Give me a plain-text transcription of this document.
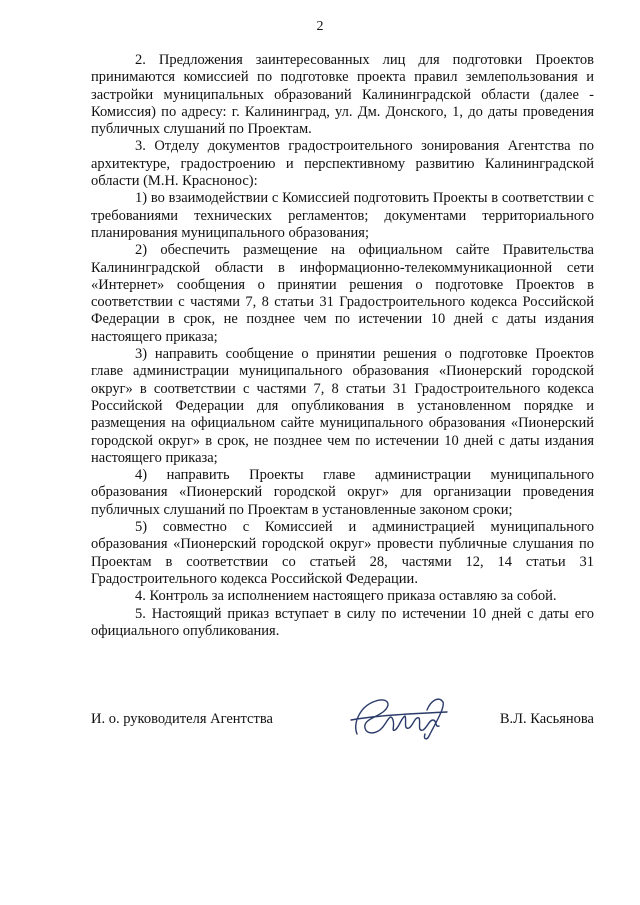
2

2. Предложения заинтересованных лиц для подготовки Проектов принимаются комиссией по подготовке проекта правил землепользования и застройки муниципальных образований Калининградской области (далее - Комиссия) по адресу: г. Калининград, ул. Дм. Донского, 1, до даты проведения публичных слушаний по Проектам.

3. Отделу документов градостроительного зонирования Агентства по архитектуре, градостроению и перспективному развитию Калининградской области (М.Н. Краснонос):

1) во взаимодействии с Комиссией подготовить Проекты в соответствии с требованиями технических регламентов; документами территориального планирования муниципального образования;

2) обеспечить размещение на официальном сайте Правительства Калининградской области в информационно-телекоммуникационной сети «Интернет» сообщения о принятии решения о подготовке Проектов в соответствии с частями 7, 8 статьи 31 Градостроительного кодекса Российской Федерации в срок, не позднее чем по истечении 10 дней с даты издания настоящего приказа;

3) направить сообщение о принятии решения о подготовке Проектов главе администрации муниципального образования «Пионерский городской округ» в соответствии с частями 7, 8 статьи 31 Градостроительного кодекса Российской Федерации для опубликования в установленном порядке и размещения на официальном сайте муниципального образования «Пионерский городской округ» в срок, не позднее чем по истечении 10 дней с даты издания настоящего приказа;

4) направить Проекты главе администрации муниципального образования «Пионерский городской округ» для организации проведения публичных слушаний по Проектам в установленные законом сроки;

5) совместно с Комиссией и администрацией муниципального образования «Пионерский городской округ» провести публичные слушания по Проектам в соответствии со статьей 28, частями 12, 14 статьи 31 Градостроительного кодекса Российской Федерации.

4. Контроль за исполнением настоящего приказа оставляю за собой.

5. Настоящий приказ вступает в силу по истечении 10 дней с даты его официального опубликования.

И. о. руководителя Агентства	В.Л. Касьянова
